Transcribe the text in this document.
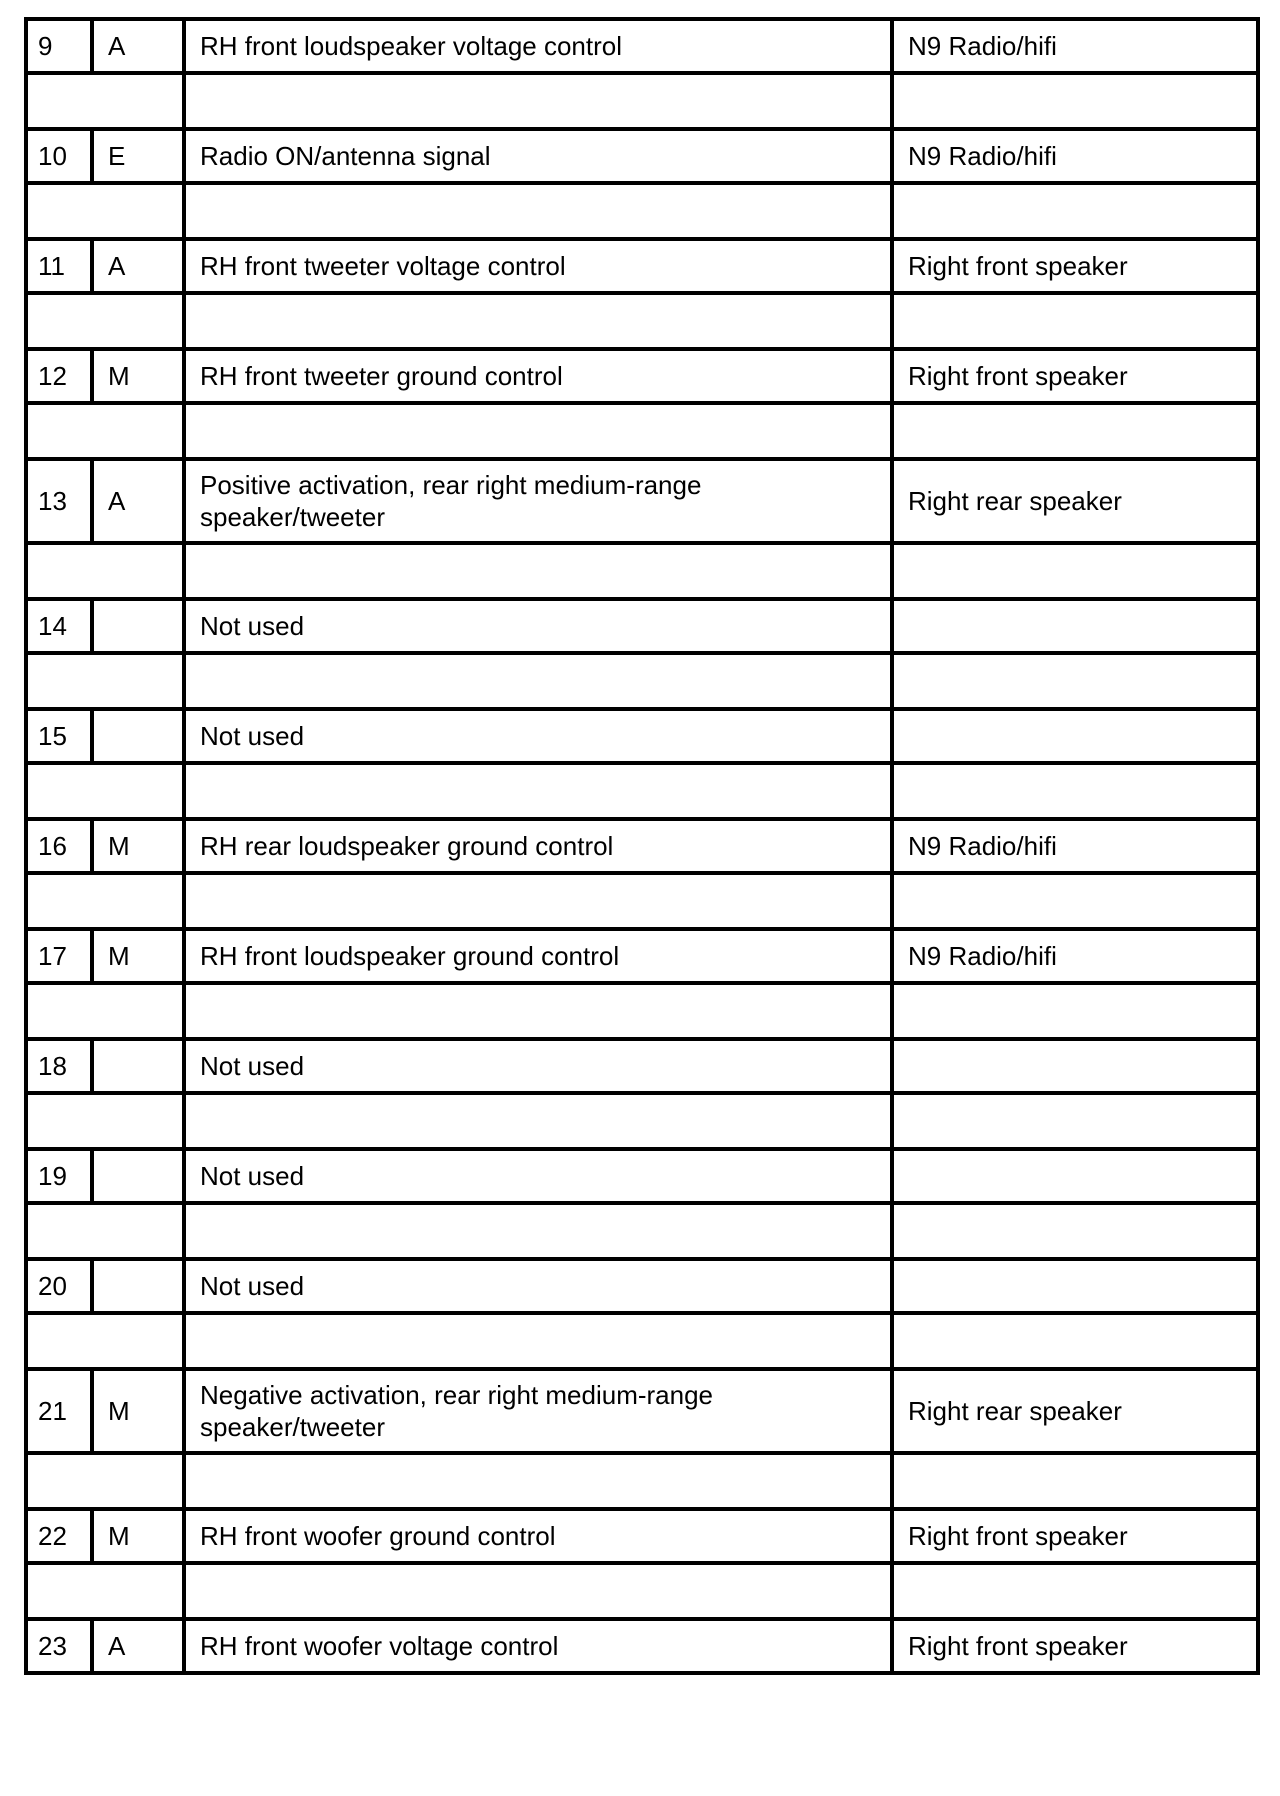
9	A	RH front loudspeaker voltage control	N9 Radio/hifi

10	E	Radio ON/antenna signal	N9 Radio/hifi

11	A	RH front tweeter voltage control	Right front speaker

12	M	RH front tweeter ground control	Right front speaker

13	A	Positive activation, rear right medium-range speaker/tweeter	Right rear speaker

14		Not used	

15		Not used	

16	M	RH rear loudspeaker ground control	N9 Radio/hifi

17	M	RH front loudspeaker ground control	N9 Radio/hifi

18		Not used	

19		Not used	

20		Not used	

21	M	Negative activation, rear right medium-range speaker/tweeter	Right rear speaker

22	M	RH front woofer ground control	Right front speaker

23	A	RH front woofer voltage control	Right front speaker
